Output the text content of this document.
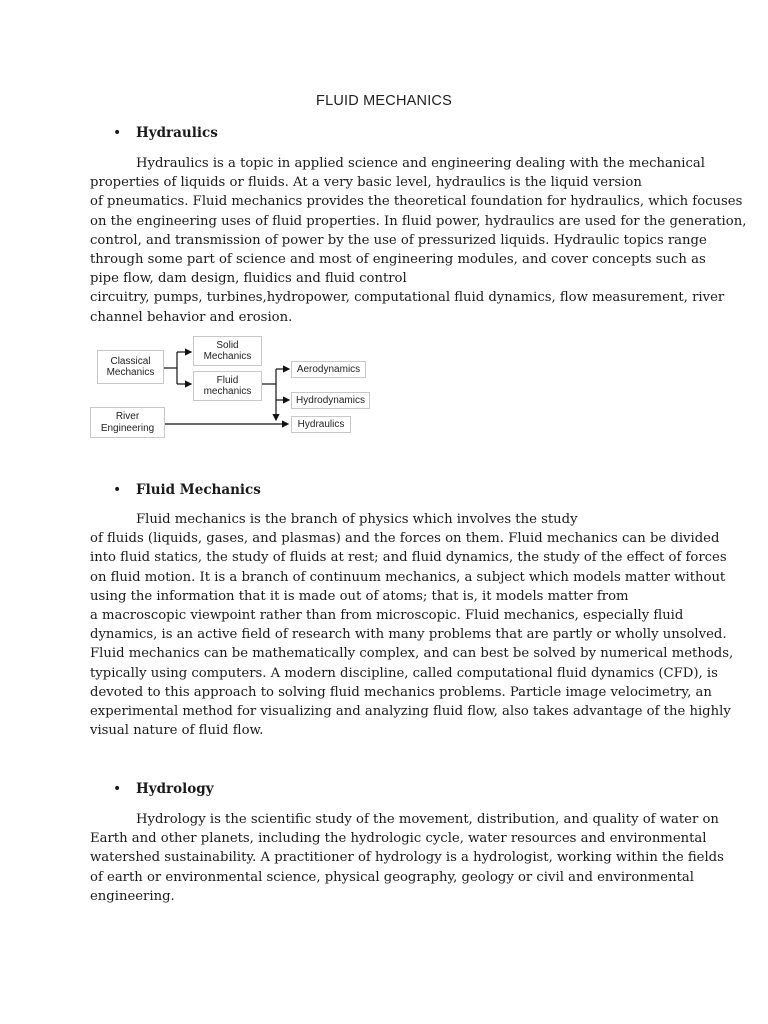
FLUID MECHANICS
• Hydraulics
Hydraulics is a topic in applied science and engineering dealing with the mechanical
properties of liquids or fluids. At a very basic level, hydraulics is the liquid version
of pneumatics. Fluid mechanics provides the theoretical foundation for hydraulics, which focuses
on the engineering uses of fluid properties. In fluid power, hydraulics are used for the generation,
control, and transmission of power by the use of pressurized liquids. Hydraulic topics range
through some part of science and most of engineering modules, and cover concepts such as
pipe flow, dam design, fluidics and fluid control
circuitry, pumps, turbines,hydropower, computational fluid dynamics, flow measurement, river
channel behavior and erosion.
Classical
Mechanics
Solid
Mechanics
Fluid
mechanics
Aerodynamics
Hydrodynamics
Hydraulics
River
Engineering
• Fluid Mechanics
Fluid mechanics is the branch of physics which involves the study
of fluids (liquids, gases, and plasmas) and the forces on them. Fluid mechanics can be divided
into fluid statics, the study of fluids at rest; and fluid dynamics, the study of the effect of forces
on fluid motion. It is a branch of continuum mechanics, a subject which models matter without
using the information that it is made out of atoms; that is, it models matter from
a macroscopic viewpoint rather than from microscopic. Fluid mechanics, especially fluid
dynamics, is an active field of research with many problems that are partly or wholly unsolved.
Fluid mechanics can be mathematically complex, and can best be solved by numerical methods,
typically using computers. A modern discipline, called computational fluid dynamics (CFD), is
devoted to this approach to solving fluid mechanics problems. Particle image velocimetry, an
experimental method for visualizing and analyzing fluid flow, also takes advantage of the highly
visual nature of fluid flow.
• Hydrology
Hydrology is the scientific study of the movement, distribution, and quality of water on
Earth and other planets, including the hydrologic cycle, water resources and environmental
watershed sustainability. A practitioner of hydrology is a hydrologist, working within the fields
of earth or environmental science, physical geography, geology or civil and environmental
engineering.
